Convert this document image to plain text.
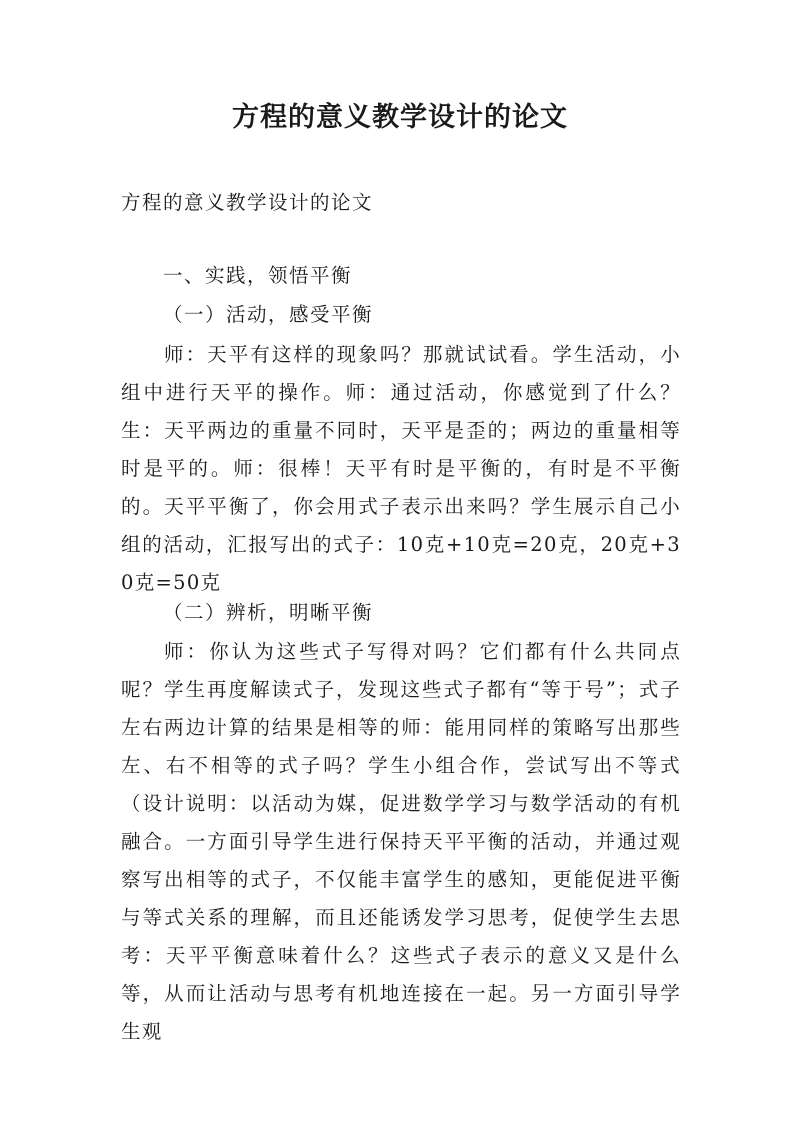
方程的意义教学设计的论文

方程的意义教学设计的论文

一、实践，领悟平衡

（一）活动，感受平衡

师：天平有这样的现象吗？那就试试看。学生活动，小组中进行天平的操作。师：通过活动，你感觉到了什么？生：天平两边的重量不同时，天平是歪的；两边的重量相等时是平的。师：很棒！天平有时是平衡的，有时是不平衡的。天平平衡了，你会用式子表示出来吗？学生展示自己小组的活动，汇报写出的式子：10克+10克=20克，20克+30克=50克

（二）辨析，明晰平衡

师：你认为这些式子写得对吗？它们都有什么共同点呢？学生再度解读式子，发现这些式子都有“等于号”；式子左右两边计算的结果是相等的师：能用同样的策略写出那些左、右不相等的式子吗？学生小组合作，尝试写出不等式（设计说明：以活动为媒，促进数学学习与数学活动的有机融合。一方面引导学生进行保持天平平衡的活动，并通过观察写出相等的式子，不仅能丰富学生的感知，更能促进平衡与等式关系的理解，而且还能诱发学习思考，促使学生去思考：天平平衡意味着什么？这些式子表示的意义又是什么等，从而让活动与思考有机地连接在一起。另一方面引导学生观
